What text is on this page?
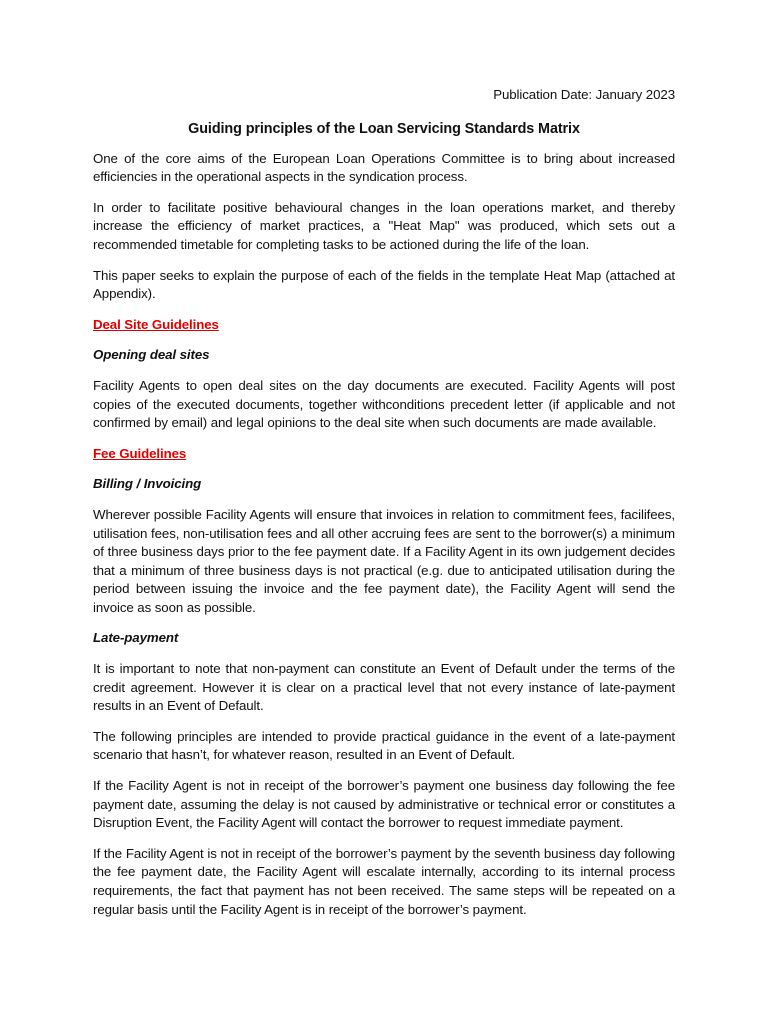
Publication Date: January 2023

Guiding principles of the Loan Servicing Standards Matrix

One of the core aims of the European Loan Operations Committee is to bring about increased efficiencies in the operational aspects in the syndication process.

In order to facilitate positive behavioural changes in the loan operations market, and thereby increase the efficiency of market practices, a "Heat Map" was produced, which sets out a recommended timetable for completing tasks to be actioned during the life of the loan.

This paper seeks to explain the purpose of each of the fields in the template Heat Map (attached at Appendix).

Deal Site Guidelines

Opening deal sites

Facility Agents to open deal sites on the day documents are executed. Facility Agents will post copies of the executed documents, together withconditions precedent letter (if applicable and not confirmed by email) and legal opinions to the deal site when such documents are made available.

Fee Guidelines

Billing / Invoicing

Wherever possible Facility Agents will ensure that invoices in relation to commitment fees, facilifees, utilisation fees, non-utilisation fees and all other accruing fees are sent to the borrower(s) a minimum of three business days prior to the fee payment date. If a Facility Agent in its own judgement decides that a minimum of three business days is not practical (e.g. due to anticipated utilisation during the period between issuing the invoice and the fee payment date), the Facility Agent will send the invoice as soon as possible.

Late-payment

It is important to note that non-payment can constitute an Event of Default under the terms of the credit agreement. However it is clear on a practical level that not every instance of late-payment results in an Event of Default.

The following principles are intended to provide practical guidance in the event of a late-payment scenario that hasn’t, for whatever reason, resulted in an Event of Default.

If the Facility Agent is not in receipt of the borrower’s payment one business day following the fee payment date, assuming the delay is not caused by administrative or technical error or constitutes a Disruption Event, the Facility Agent will contact the borrower to request immediate payment.

If the Facility Agent is not in receipt of the borrower’s payment by the seventh business day following the fee payment date, the Facility Agent will escalate internally, according to its internal process requirements, the fact that payment has not been received. The same steps will be repeated on a regular basis until the Facility Agent is in receipt of the borrower’s payment.
